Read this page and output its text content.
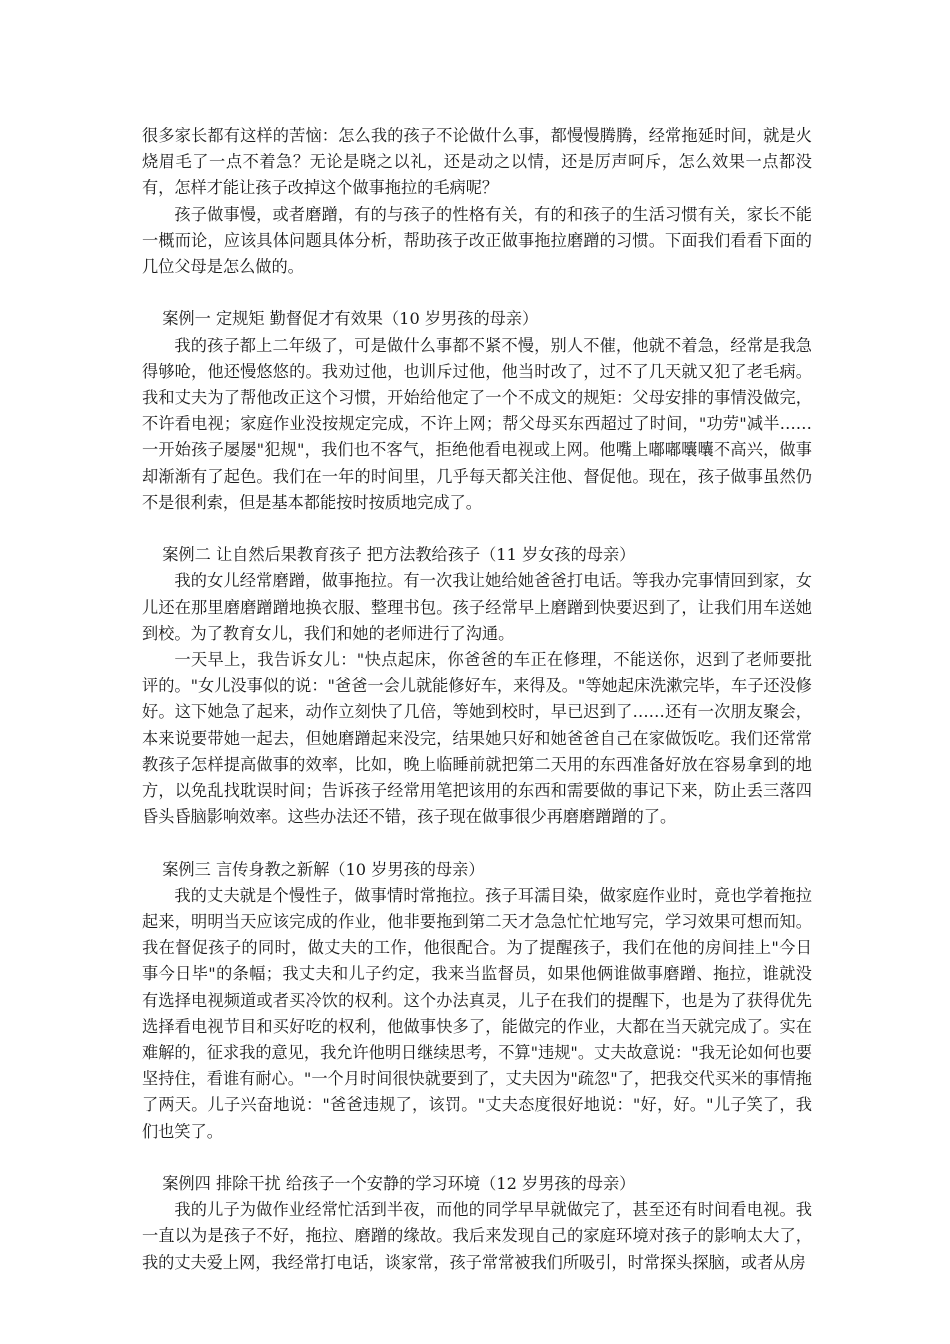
很多家长都有这样的苦恼：怎么我的孩子不论做什么事，都慢慢腾腾，经常拖延时间，就是火烧眉毛了一点不着急？无论是晓之以礼，还是动之以情，还是厉声呵斥，怎么效果一点都没有，怎样才能让孩子改掉这个做事拖拉的毛病呢？

孩子做事慢，或者磨蹭，有的与孩子的性格有关，有的和孩子的生活习惯有关，家长不能一概而论，应该具体问题具体分析，帮助孩子改正做事拖拉磨蹭的习惯。下面我们看看下面的几位父母是怎么做的。

案例一 定规矩 勤督促才有效果（10 岁男孩的母亲）

我的孩子都上二年级了，可是做什么事都不紧不慢，别人不催，他就不着急，经常是我急得够呛，他还慢悠悠的。我劝过他，也训斥过他，他当时改了，过不了几天就又犯了老毛病。我和丈夫为了帮他改正这个习惯，开始给他定了一个不成文的规矩：父母安排的事情没做完，不许看电视；家庭作业没按规定完成，不许上网；帮父母买东西超过了时间，"功劳"减半……一开始孩子屡屡"犯规"，我们也不客气，拒绝他看电视或上网。他嘴上嘟嘟囔囔不高兴，做事却渐渐有了起色。我们在一年的时间里，几乎每天都关注他、督促他。现在，孩子做事虽然仍不是很利索，但是基本都能按时按质地完成了。

案例二 让自然后果教育孩子 把方法教给孩子（11 岁女孩的母亲）

我的女儿经常磨蹭，做事拖拉。有一次我让她给她爸爸打电话。等我办完事情回到家，女儿还在那里磨磨蹭蹭地换衣服、整理书包。孩子经常早上磨蹭到快要迟到了，让我们用车送她到校。为了教育女儿，我们和她的老师进行了沟通。

一天早上，我告诉女儿："快点起床，你爸爸的车正在修理，不能送你，迟到了老师要批评的。"女儿没事似的说："爸爸一会儿就能修好车，来得及。"等她起床洗漱完毕，车子还没修好。这下她急了起来，动作立刻快了几倍，等她到校时，早已迟到了……还有一次朋友聚会，本来说要带她一起去，但她磨蹭起来没完，结果她只好和她爸爸自己在家做饭吃。我们还常常教孩子怎样提高做事的效率，比如，晚上临睡前就把第二天用的东西准备好放在容易拿到的地方，以免乱找耽误时间；告诉孩子经常用笔把该用的东西和需要做的事记下来，防止丢三落四昏头昏脑影响效率。这些办法还不错，孩子现在做事很少再磨磨蹭蹭的了。

案例三 言传身教之新解（10 岁男孩的母亲）

我的丈夫就是个慢性子，做事情时常拖拉。孩子耳濡目染，做家庭作业时，竟也学着拖拉起来，明明当天应该完成的作业，他非要拖到第二天才急急忙忙地写完，学习效果可想而知。我在督促孩子的同时，做丈夫的工作，他很配合。为了提醒孩子，我们在他的房间挂上"今日事今日毕"的条幅；我丈夫和儿子约定，我来当监督员，如果他俩谁做事磨蹭、拖拉，谁就没有选择电视频道或者买冷饮的权利。这个办法真灵，儿子在我们的提醒下，也是为了获得优先选择看电视节目和买好吃的权利，他做事快多了，能做完的作业，大都在当天就完成了。实在难解的，征求我的意见，我允许他明日继续思考，不算"违规"。丈夫故意说："我无论如何也要坚持住，看谁有耐心。"一个月时间很快就要到了，丈夫因为"疏忽"了，把我交代买米的事情拖了两天。儿子兴奋地说："爸爸违规了，该罚。"丈夫态度很好地说："好，好。"儿子笑了，我们也笑了。

案例四 排除干扰 给孩子一个安静的学习环境（12 岁男孩的母亲）

我的儿子为做作业经常忙活到半夜，而他的同学早早就做完了，甚至还有时间看电视。我一直以为是孩子不好，拖拉、磨蹭的缘故。我后来发现自己的家庭环境对孩子的影响太大了，我的丈夫爱上网，我经常打电话，谈家常，孩子常常被我们所吸引，时常探头探脑，或者从房
